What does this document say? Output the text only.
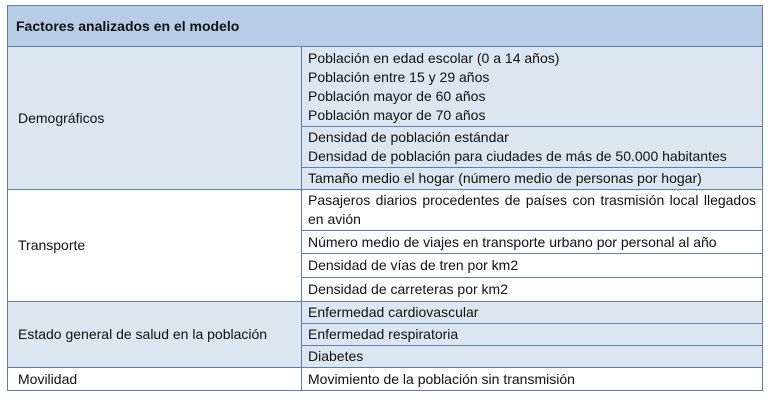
Factores analizados en el modelo	
Demográficos	Población en edad escolar (0 a 14 años)
Población entre 15 y 29 años
Población mayor de 60 años
Población mayor de 70 años

	Densidad de población estándar
Densidad de población para ciudades de más de 50.000 habitantes

	Tamaño medio el hogar (número medio de personas por hogar)

Transporte	Pasajeros diarios procedentes de países con trasmisión local llegados en avión

	Número medio de viajes en transporte urbano por personal al año

	Densidad de vías de tren por km2

	Densidad de carreteras por km2

Estado general de salud en la población	Enfermedad cardiovascular

	Enfermedad respiratoria

	Diabetes

Movilidad	Movimiento de la población sin transmisión
